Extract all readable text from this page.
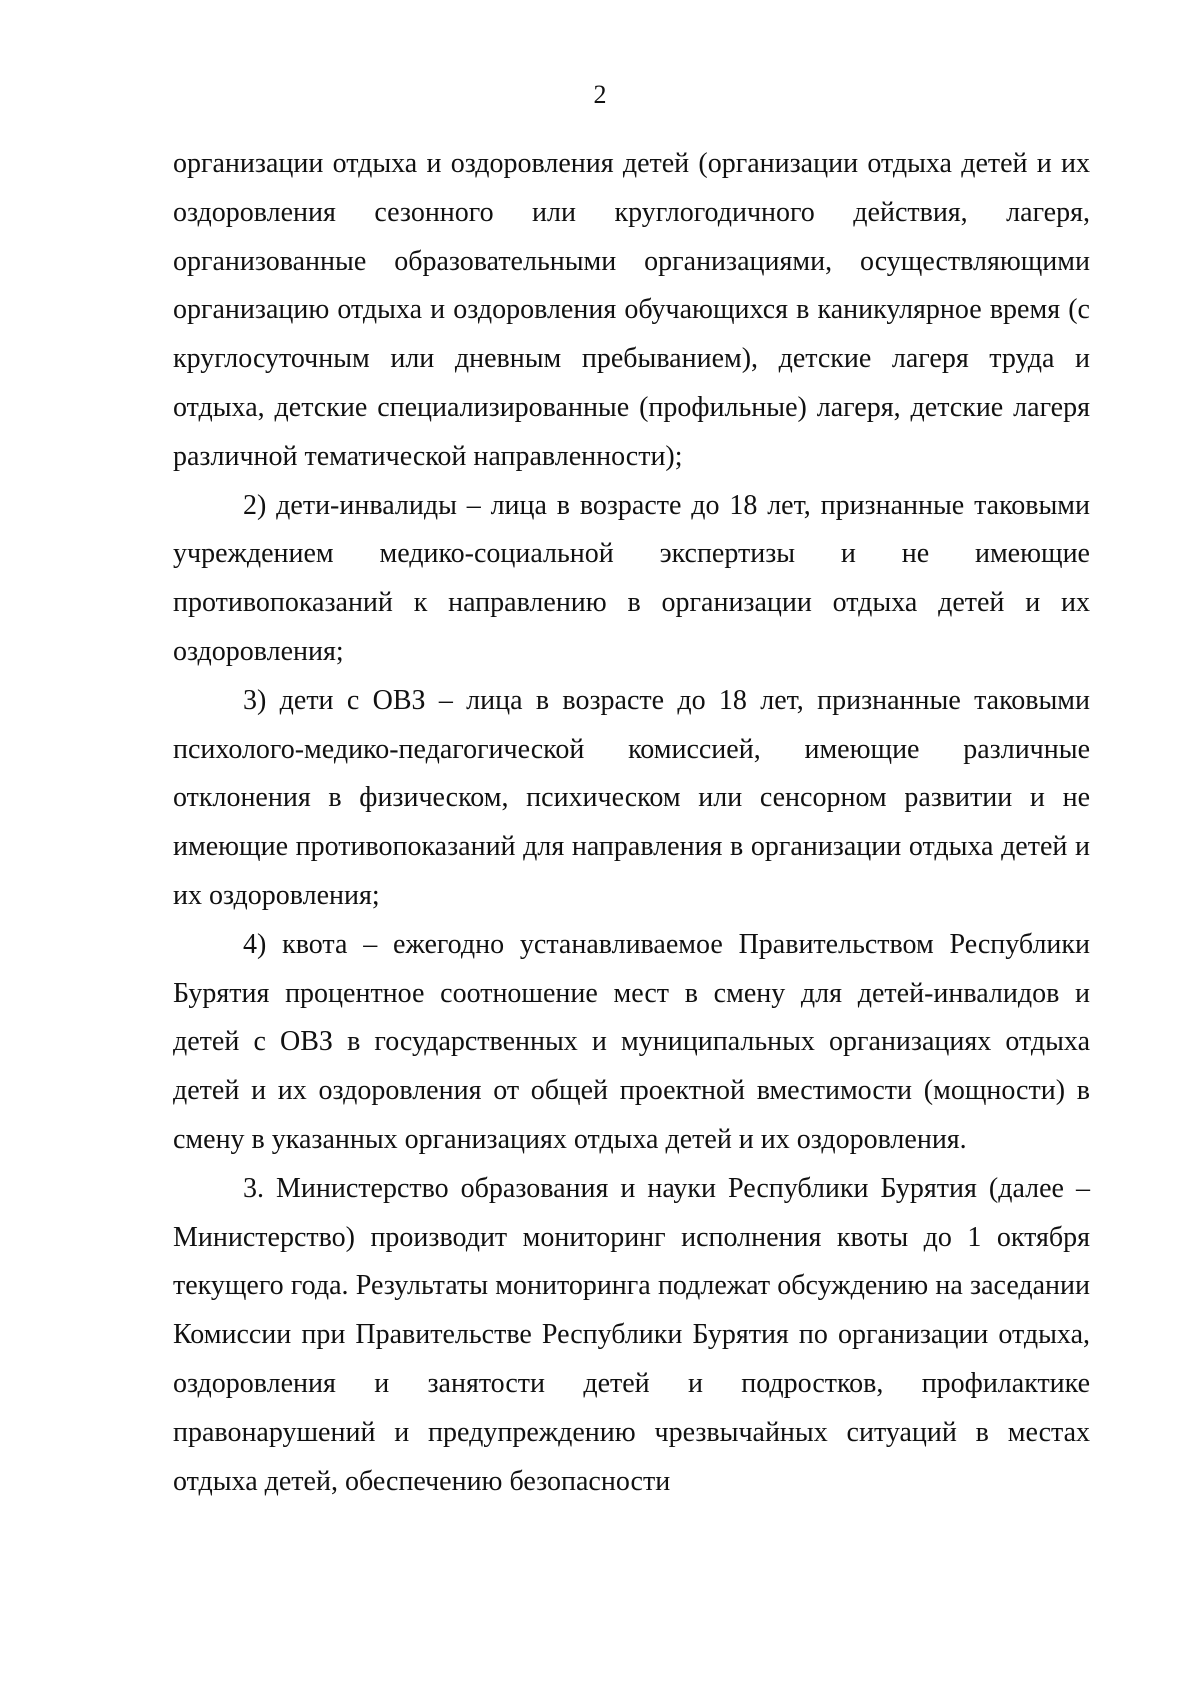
2

организации отдыха и оздоровления детей (организации отдыха детей и их оздоровления сезонного или круглогодичного действия, лагеря, организованные образовательными организациями, осуществляющими организацию отдыха и оздоровления обучающихся в каникулярное время (с круглосуточным или дневным пребыванием), детские лагеря труда и отдыха, детские специализированные (профильные) лагеря, детские лагеря различной тематической направленности);

2) дети-инвалиды – лица в возрасте до 18 лет, признанные таковыми учреждением медико-социальной экспертизы и не имеющие противопоказаний к направлению в организации отдыха детей и их оздоровления;

3) дети с ОВЗ – лица в возрасте до 18 лет, признанные таковыми психолого-медико-педагогической комиссией, имеющие различные отклонения в физическом, психическом или сенсорном развитии и не имеющие противопоказаний для направления в организации отдыха детей и их оздоровления;

4) квота – ежегодно устанавливаемое Правительством Республики Бурятия процентное соотношение мест в смену для детей-инвалидов и детей с ОВЗ в государственных и муниципальных организациях отдыха детей и их оздоровления от общей проектной вместимости (мощности) в смену в указанных организациях отдыха детей и их оздоровления.

3. Министерство образования и науки Республики Бурятия (далее – Министерство) производит мониторинг исполнения квоты до 1 октября текущего года. Результаты мониторинга подлежат обсуждению на заседании Комиссии при Правительстве Республики Бурятия по организации отдыха, оздоровления и занятости детей и подростков, профилактике правонарушений и предупреждению чрезвычайных ситуаций в местах отдыха детей, обеспечению безопасности
